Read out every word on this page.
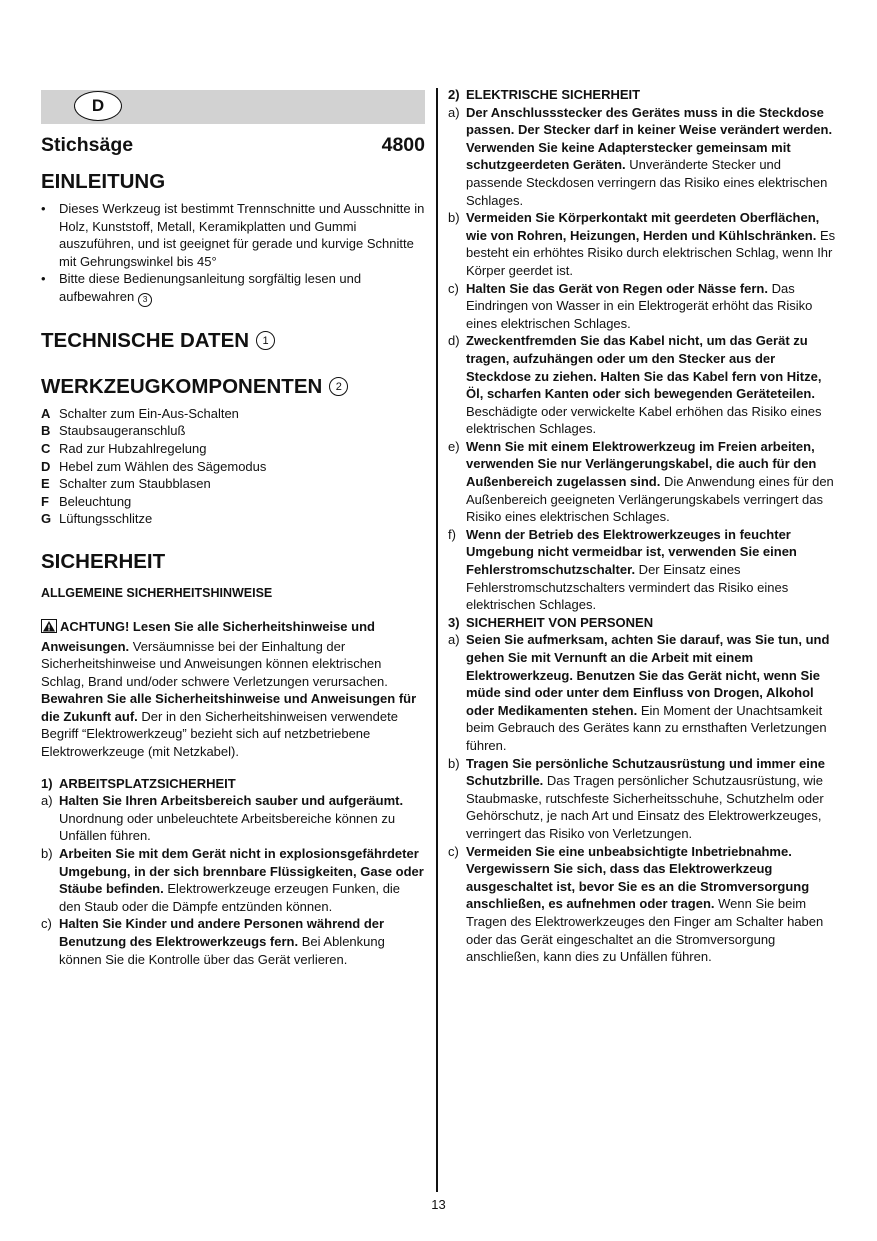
D
Stichsäge	4800
EINLEITUNG
• Dieses Werkzeug ist bestimmt Trennschnitte und Ausschnitte in Holz, Kunststoff, Metall, Keramikplatten und Gummi auszuführen, und ist geeignet für gerade und kurvige Schnitte mit Gehrungswinkel bis 45°
• Bitte diese Bedienungsanleitung sorgfältig lesen und aufbewahren 3
TECHNISCHE DATEN	1
WERKZEUGKOMPONENTEN	2
A Schalter zum Ein-Aus-Schalten
B Staubsaugeranschluß
C Rad zur Hubzahlregelung
D Hebel zum Wählen des Sägemodus
E Schalter zum Staubblasen
F Beleuchtung
G Lüftungsschlitze
SICHERHEIT
ALLGEMEINE SICHERHEITSHINWEISE
ACHTUNG! Lesen Sie alle Sicherheitshinweise und Anweisungen. Versäumnisse bei der Einhaltung der Sicherheitshinweise und Anweisungen können elektrischen Schlag, Brand und/oder schwere Verletzungen verursachen. Bewahren Sie alle Sicherheitshinweise und Anweisungen für die Zukunft auf. Der in den Sicherheitshinweisen verwendete Begriff “Elektrowerkzeug” bezieht sich auf netzbetriebene Elektrowerkzeuge (mit Netzkabel).
1) ARBEITSPLATZSICHERHEIT
a) Halten Sie Ihren Arbeitsbereich sauber und aufgeräumt. Unordnung oder unbeleuchtete Arbeitsbereiche können zu Unfällen führen.
b) Arbeiten Sie mit dem Gerät nicht in explosionsgefährdeter Umgebung, in der sich brennbare Flüssigkeiten, Gase oder Stäube befinden. Elektrowerkzeuge erzeugen Funken, die den Staub oder die Dämpfe entzünden können.
c) Halten Sie Kinder und andere Personen während der Benutzung des Elektrowerkzeugs fern. Bei Ablenkung können Sie die Kontrolle über das Gerät verlieren.
2) ELEKTRISCHE SICHERHEIT
a) Der Anschlussstecker des Gerätes muss in die Steckdose passen. Der Stecker darf in keiner Weise verändert werden. Verwenden Sie keine Adapterstecker gemeinsam mit schutzgeerdeten Geräten. Unveränderte Stecker und passende Steckdosen verringern das Risiko eines elektrischen Schlages.
b) Vermeiden Sie Körperkontakt mit geerdeten Oberflächen, wie von Rohren, Heizungen, Herden und Kühlschränken. Es besteht ein erhöhtes Risiko durch elektrischen Schlag, wenn Ihr Körper geerdet ist.
c) Halten Sie das Gerät von Regen oder Nässe fern. Das Eindringen von Wasser in ein Elektrogerät erhöht das Risiko eines elektrischen Schlages.
d) Zweckentfremden Sie das Kabel nicht, um das Gerät zu tragen, aufzuhängen oder um den Stecker aus der Steckdose zu ziehen. Halten Sie das Kabel fern von Hitze, Öl, scharfen Kanten oder sich bewegenden Geräteteilen. Beschädigte oder verwickelte Kabel erhöhen das Risiko eines elektrischen Schlages.
e) Wenn Sie mit einem Elektrowerkzeug im Freien arbeiten, verwenden Sie nur Verlängerungskabel, die auch für den Außenbereich zugelassen sind. Die Anwendung eines für den Außenbereich geeigneten Verlängerungskabels verringert das Risiko eines elektrischen Schlages.
f) Wenn der Betrieb des Elektrowerkzeuges in feuchter Umgebung nicht vermeidbar ist, verwenden Sie einen Fehlerstromschutzschalter. Der Einsatz eines Fehlerstromschutzschalters vermindert das Risiko eines elektrischen Schlages.
3) SICHERHEIT VON PERSONEN
a) Seien Sie aufmerksam, achten Sie darauf, was Sie tun, und gehen Sie mit Vernunft an die Arbeit mit einem Elektrowerkzeug. Benutzen Sie das Gerät nicht, wenn Sie müde sind oder unter dem Einfluss von Drogen, Alkohol oder Medikamenten stehen. Ein Moment der Unachtsamkeit beim Gebrauch des Gerätes kann zu ernsthaften Verletzungen führen.
b) Tragen Sie persönliche Schutzausrüstung und immer eine Schutzbrille. Das Tragen persönlicher Schutzausrüstung, wie Staubmaske, rutschfeste Sicherheitsschuhe, Schutzhelm oder Gehörschutz, je nach Art und Einsatz des Elektrowerkzeuges, verringert das Risiko von Verletzungen.
c) Vermeiden Sie eine unbeabsichtigte Inbetriebnahme. Vergewissern Sie sich, dass das Elektrowerkzeug ausgeschaltet ist, bevor Sie es an die Stromversorgung anschließen, es aufnehmen oder tragen. Wenn Sie beim Tragen des Elektrowerkzeuges den Finger am Schalter haben oder das Gerät eingeschaltet an die Stromversorgung anschließen, kann dies zu Unfällen führen.
13
